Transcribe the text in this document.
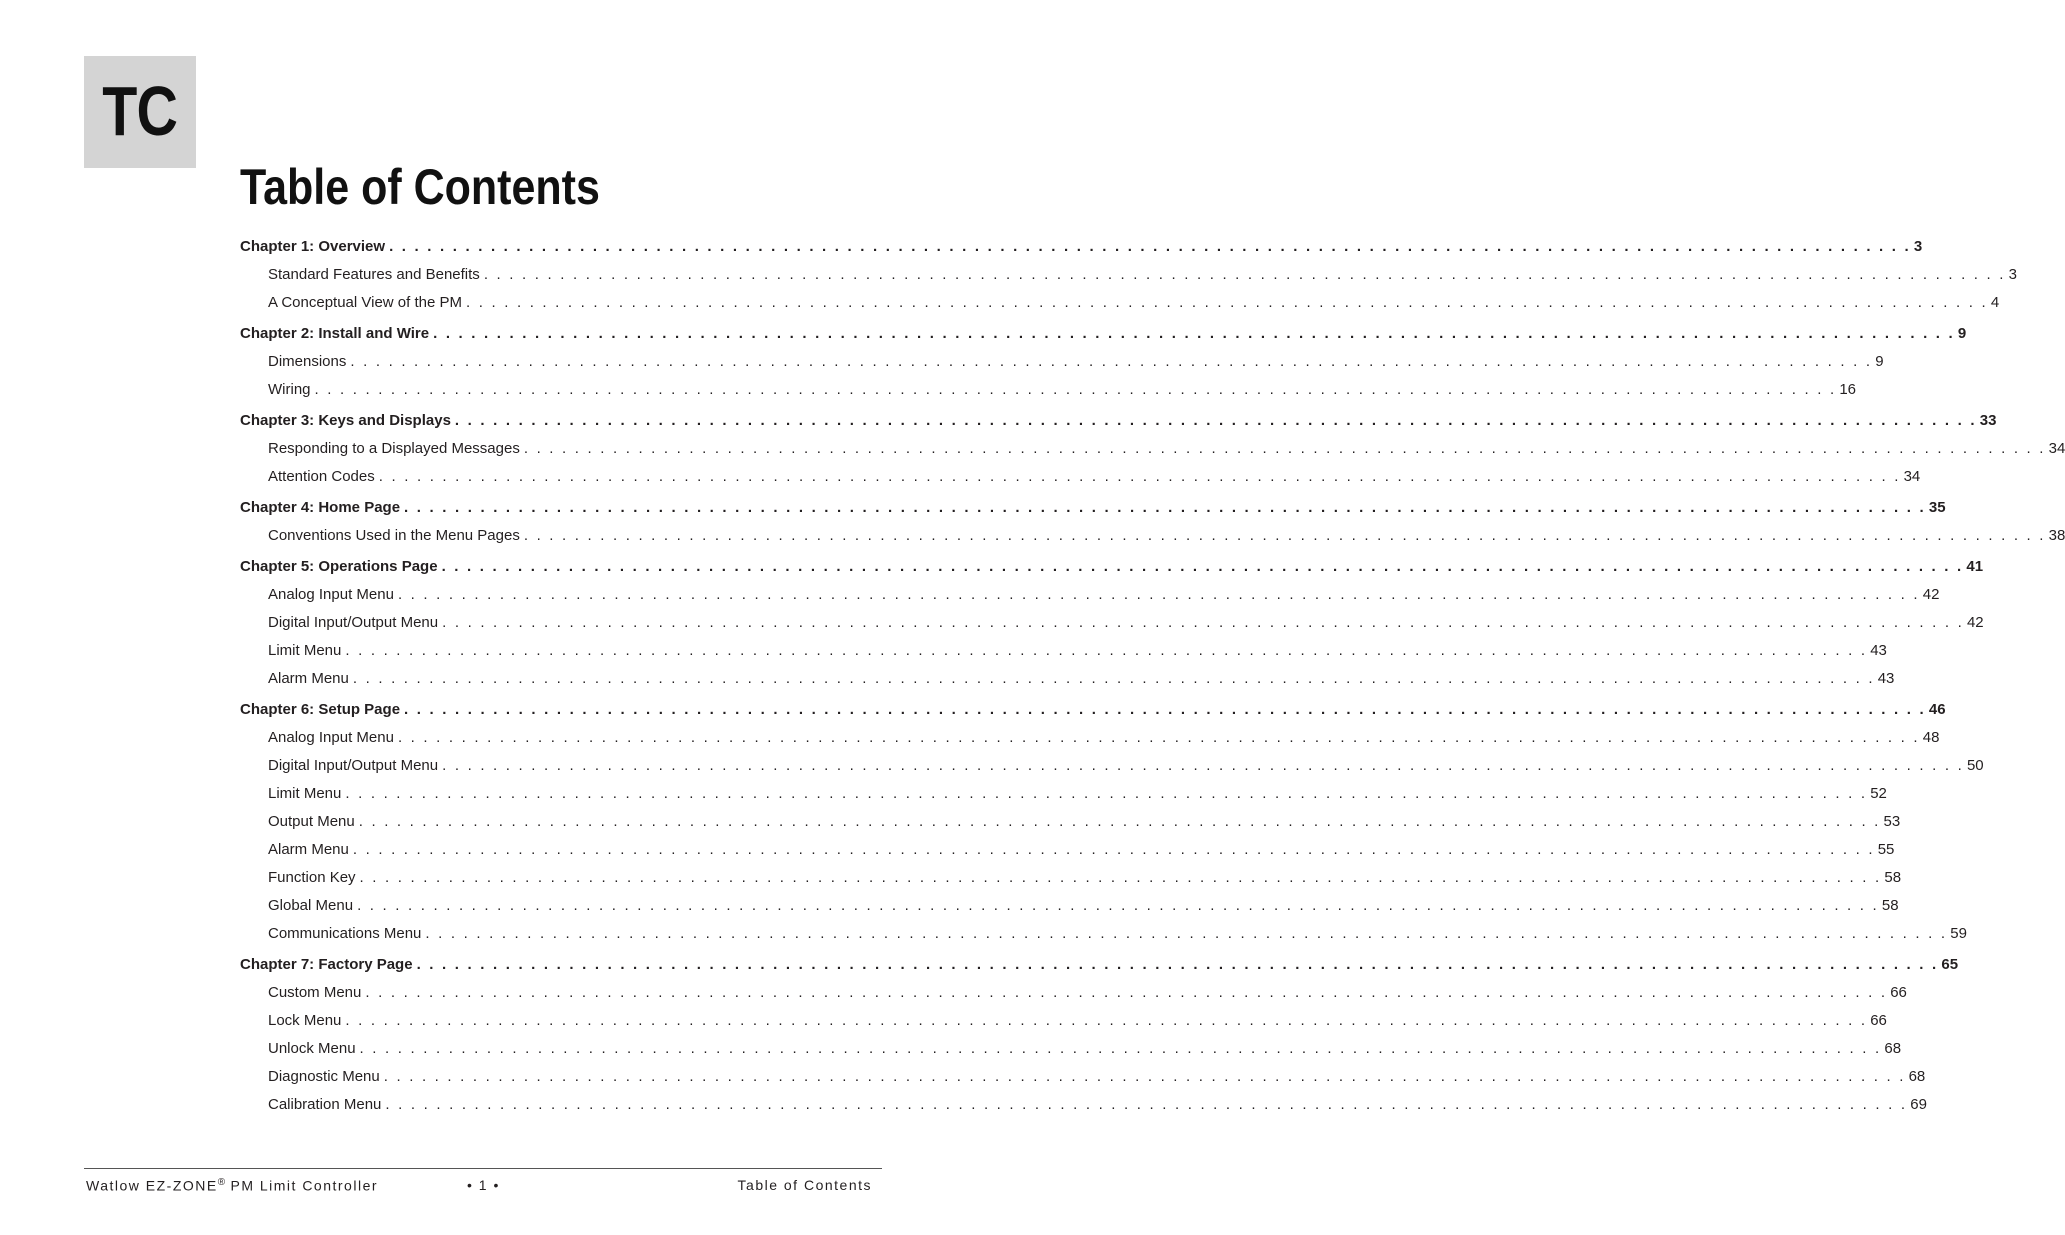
TC
Table of Contents
Chapter 1: Overview . . . . . . . . . . . . . . . . . . . . . . . . . . . . . . . . . . . . . . . . . . . . . . . . . . . . . . . . . . . . . . . . . . . . . . . . . . . . . . . . . . . . . . . . . . . . . . . . . . . . . . . . . . . . . . . . . . . . . . . . 3
Standard Features and Benefits . . . . . . . . . . . . . . . . . . . . . . . . . . . . . . . . . . . . . . . . . . . . . . . . . . . . . . . . . . . . . . . . . . . . . . . . . . . . . . . . . . . . . . . . . . . . . . . . . . . . . . . . . . . . . . . . . . . . . . . . 3
A Conceptual View of the PM . . . . . . . . . . . . . . . . . . . . . . . . . . . . . . . . . . . . . . . . . . . . . . . . . . . . . . . . . . . . . . . . . . . . . . . . . . . . . . . . . . . . . . . . . . . . . . . . . . . . . . . . . . . . . . . . . . . . . . . . 4
Chapter 2: Install and Wire . . . . . . . . . . . . . . . . . . . . . . . . . . . . . . . . . . . . . . . . . . . . . . . . . . . . . . . . . . . . . . . . . . . . . . . . . . . . . . . . . . . . . . . . . . . . . . . . . . . . . . . . . . . . . . . . . . . . . . . . 9
Dimensions . . . . . . . . . . . . . . . . . . . . . . . . . . . . . . . . . . . . . . . . . . . . . . . . . . . . . . . . . . . . . . . . . . . . . . . . . . . . . . . . . . . . . . . . . . . . . . . . . . . . . . . . . . . . . . . . . . . . . . . . 9
Wiring . . . . . . . . . . . . . . . . . . . . . . . . . . . . . . . . . . . . . . . . . . . . . . . . . . . . . . . . . . . . . . . . . . . . . . . . . . . . . . . . . . . . . . . . . . . . . . . . . . . . . . . . . . . . . . . . . . . . . . . . 16
Chapter 3: Keys and Displays . . . . . . . . . . . . . . . . . . . . . . . . . . . . . . . . . . . . . . . . . . . . . . . . . . . . . . . . . . . . . . . . . . . . . . . . . . . . . . . . . . . . . . . . . . . . . . . . . . . . . . . . . . . . . . . . . . . . . . . . 33
Responding to a Displayed Messages . . . . . . . . . . . . . . . . . . . . . . . . . . . . . . . . . . . . . . . . . . . . . . . . . . . . . . . . . . . . . . . . . . . . . . . . . . . . . . . . . . . . . . . . . . . . . . . . . . . . . . . . . . . . . . . . . . . . . . . . 34
Attention Codes . . . . . . . . . . . . . . . . . . . . . . . . . . . . . . . . . . . . . . . . . . . . . . . . . . . . . . . . . . . . . . . . . . . . . . . . . . . . . . . . . . . . . . . . . . . . . . . . . . . . . . . . . . . . . . . . . . . . . . . . 34
Chapter 4: Home Page . . . . . . . . . . . . . . . . . . . . . . . . . . . . . . . . . . . . . . . . . . . . . . . . . . . . . . . . . . . . . . . . . . . . . . . . . . . . . . . . . . . . . . . . . . . . . . . . . . . . . . . . . . . . . . . . . . . . . . . . 35
Conventions Used in the Menu Pages . . . . . . . . . . . . . . . . . . . . . . . . . . . . . . . . . . . . . . . . . . . . . . . . . . . . . . . . . . . . . . . . . . . . . . . . . . . . . . . . . . . . . . . . . . . . . . . . . . . . . . . . . . . . . . . . . . . . . . . . 38
Chapter 5: Operations Page . . . . . . . . . . . . . . . . . . . . . . . . . . . . . . . . . . . . . . . . . . . . . . . . . . . . . . . . . . . . . . . . . . . . . . . . . . . . . . . . . . . . . . . . . . . . . . . . . . . . . . . . . . . . . . . . . . . . . . . . 41
Analog Input Menu . . . . . . . . . . . . . . . . . . . . . . . . . . . . . . . . . . . . . . . . . . . . . . . . . . . . . . . . . . . . . . . . . . . . . . . . . . . . . . . . . . . . . . . . . . . . . . . . . . . . . . . . . . . . . . . . . . . . . . . . 42
Digital Input/Output Menu . . . . . . . . . . . . . . . . . . . . . . . . . . . . . . . . . . . . . . . . . . . . . . . . . . . . . . . . . . . . . . . . . . . . . . . . . . . . . . . . . . . . . . . . . . . . . . . . . . . . . . . . . . . . . . . . . . . . . . . . 42
Limit Menu . . . . . . . . . . . . . . . . . . . . . . . . . . . . . . . . . . . . . . . . . . . . . . . . . . . . . . . . . . . . . . . . . . . . . . . . . . . . . . . . . . . . . . . . . . . . . . . . . . . . . . . . . . . . . . . . . . . . . . . . 43
Alarm Menu . . . . . . . . . . . . . . . . . . . . . . . . . . . . . . . . . . . . . . . . . . . . . . . . . . . . . . . . . . . . . . . . . . . . . . . . . . . . . . . . . . . . . . . . . . . . . . . . . . . . . . . . . . . . . . . . . . . . . . . . 43
Chapter 6: Setup Page . . . . . . . . . . . . . . . . . . . . . . . . . . . . . . . . . . . . . . . . . . . . . . . . . . . . . . . . . . . . . . . . . . . . . . . . . . . . . . . . . . . . . . . . . . . . . . . . . . . . . . . . . . . . . . . . . . . . . . . . 46
Analog Input Menu . . . . . . . . . . . . . . . . . . . . . . . . . . . . . . . . . . . . . . . . . . . . . . . . . . . . . . . . . . . . . . . . . . . . . . . . . . . . . . . . . . . . . . . . . . . . . . . . . . . . . . . . . . . . . . . . . . . . . . . . 48
Digital Input/Output Menu . . . . . . . . . . . . . . . . . . . . . . . . . . . . . . . . . . . . . . . . . . . . . . . . . . . . . . . . . . . . . . . . . . . . . . . . . . . . . . . . . . . . . . . . . . . . . . . . . . . . . . . . . . . . . . . . . . . . . . . . 50
Limit Menu . . . . . . . . . . . . . . . . . . . . . . . . . . . . . . . . . . . . . . . . . . . . . . . . . . . . . . . . . . . . . . . . . . . . . . . . . . . . . . . . . . . . . . . . . . . . . . . . . . . . . . . . . . . . . . . . . . . . . . . . 52
Output Menu . . . . . . . . . . . . . . . . . . . . . . . . . . . . . . . . . . . . . . . . . . . . . . . . . . . . . . . . . . . . . . . . . . . . . . . . . . . . . . . . . . . . . . . . . . . . . . . . . . . . . . . . . . . . . . . . . . . . . . . . 53
Alarm Menu . . . . . . . . . . . . . . . . . . . . . . . . . . . . . . . . . . . . . . . . . . . . . . . . . . . . . . . . . . . . . . . . . . . . . . . . . . . . . . . . . . . . . . . . . . . . . . . . . . . . . . . . . . . . . . . . . . . . . . . . 55
Function Key . . . . . . . . . . . . . . . . . . . . . . . . . . . . . . . . . . . . . . . . . . . . . . . . . . . . . . . . . . . . . . . . . . . . . . . . . . . . . . . . . . . . . . . . . . . . . . . . . . . . . . . . . . . . . . . . . . . . . . . . 58
Global Menu . . . . . . . . . . . . . . . . . . . . . . . . . . . . . . . . . . . . . . . . . . . . . . . . . . . . . . . . . . . . . . . . . . . . . . . . . . . . . . . . . . . . . . . . . . . . . . . . . . . . . . . . . . . . . . . . . . . . . . . . 58
Communications Menu . . . . . . . . . . . . . . . . . . . . . . . . . . . . . . . . . . . . . . . . . . . . . . . . . . . . . . . . . . . . . . . . . . . . . . . . . . . . . . . . . . . . . . . . . . . . . . . . . . . . . . . . . . . . . . . . . . . . . . . . 59
Chapter 7: Factory Page . . . . . . . . . . . . . . . . . . . . . . . . . . . . . . . . . . . . . . . . . . . . . . . . . . . . . . . . . . . . . . . . . . . . . . . . . . . . . . . . . . . . . . . . . . . . . . . . . . . . . . . . . . . . . . . . . . . . . . . . 65
Custom Menu . . . . . . . . . . . . . . . . . . . . . . . . . . . . . . . . . . . . . . . . . . . . . . . . . . . . . . . . . . . . . . . . . . . . . . . . . . . . . . . . . . . . . . . . . . . . . . . . . . . . . . . . . . . . . . . . . . . . . . . . 66
Lock Menu . . . . . . . . . . . . . . . . . . . . . . . . . . . . . . . . . . . . . . . . . . . . . . . . . . . . . . . . . . . . . . . . . . . . . . . . . . . . . . . . . . . . . . . . . . . . . . . . . . . . . . . . . . . . . . . . . . . . . . . . 66
Unlock Menu . . . . . . . . . . . . . . . . . . . . . . . . . . . . . . . . . . . . . . . . . . . . . . . . . . . . . . . . . . . . . . . . . . . . . . . . . . . . . . . . . . . . . . . . . . . . . . . . . . . . . . . . . . . . . . . . . . . . . . . . 68
Diagnostic Menu . . . . . . . . . . . . . . . . . . . . . . . . . . . . . . . . . . . . . . . . . . . . . . . . . . . . . . . . . . . . . . . . . . . . . . . . . . . . . . . . . . . . . . . . . . . . . . . . . . . . . . . . . . . . . . . . . . . . . . . . 68
Calibration Menu . . . . . . . . . . . . . . . . . . . . . . . . . . . . . . . . . . . . . . . . . . . . . . . . . . . . . . . . . . . . . . . . . . . . . . . . . . . . . . . . . . . . . . . . . . . . . . . . . . . . . . . . . . . . . . . . . . . . . . . . 69
Watlow EZ-ZONE® PM Limit Controller	• 1 •	Table of Contents
